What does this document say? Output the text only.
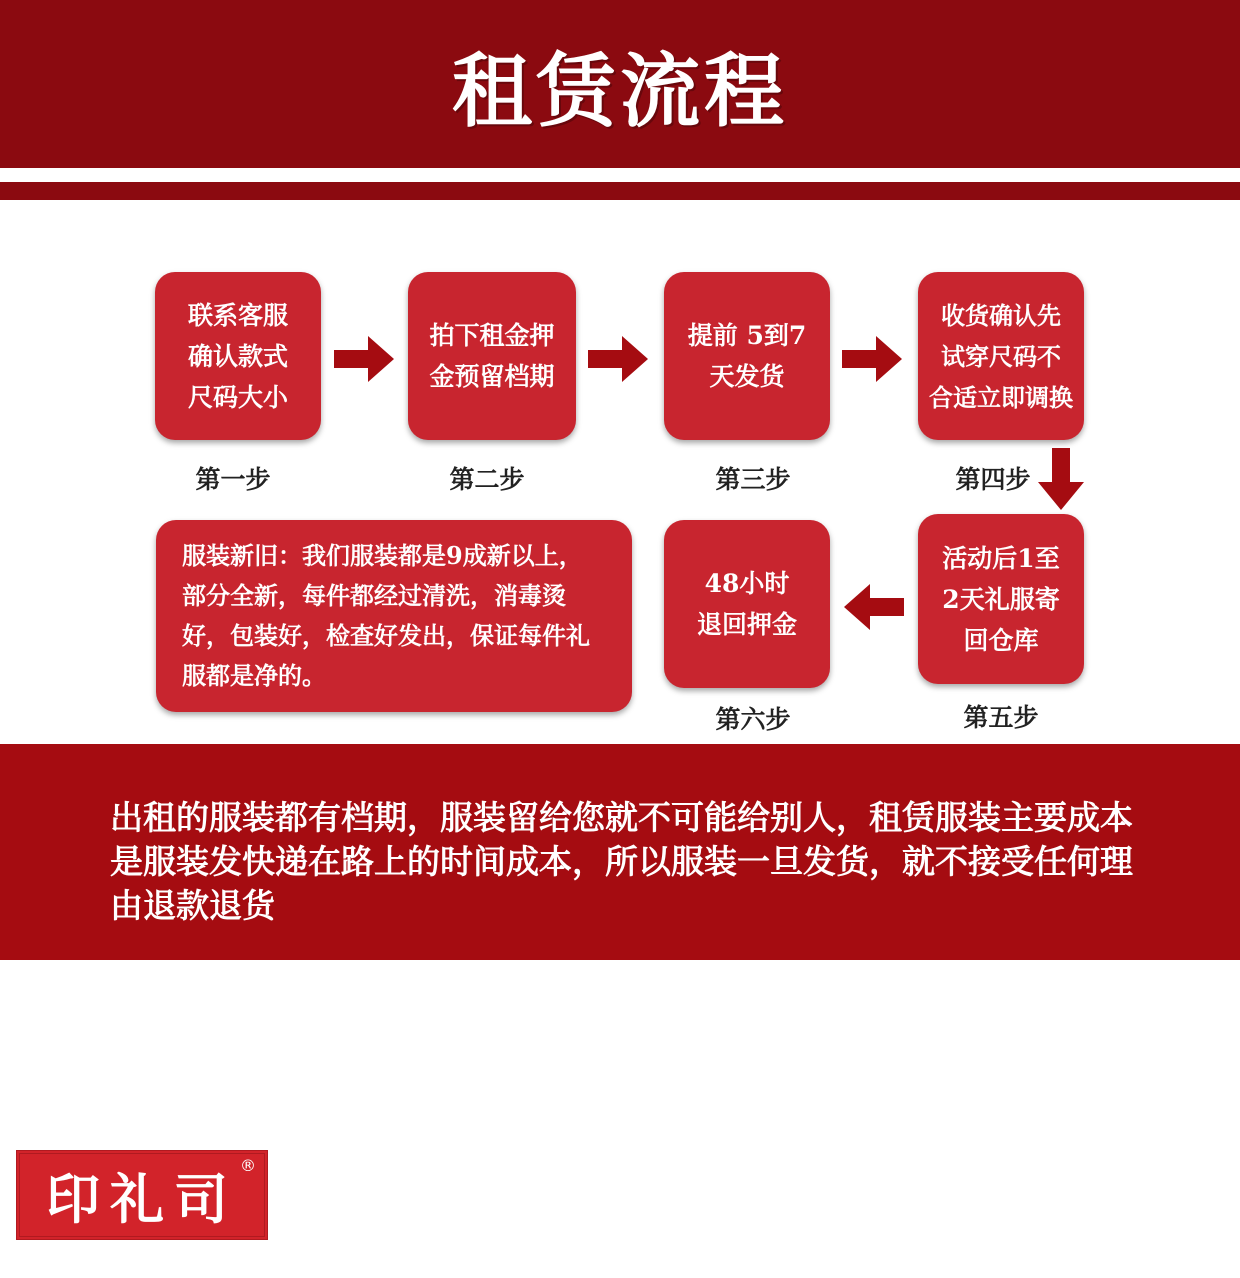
租赁流程
联系客服
确认款式
尺码大小
第一步
拍下租金押
金预留档期
第二步
提前 5到7
天发货
第三步
收货确认先
试穿尺码不
合适立即调换
第四步
服装新旧：我们服装都是9成新以上，部分全新，每件都经过清洗，消毒烫好，包装好，检查好发出，保证每件礼服都是净的。
48小时
退回押金
第六步
活动后1至
2天礼服寄
回仓库
第五步
出租的服装都有档期，服装留给您就不可能给别人，租赁服装主要成本是服装发快递在路上的时间成本，所以服装一旦发货，就不接受任何理由退款退货
印礼司
®
